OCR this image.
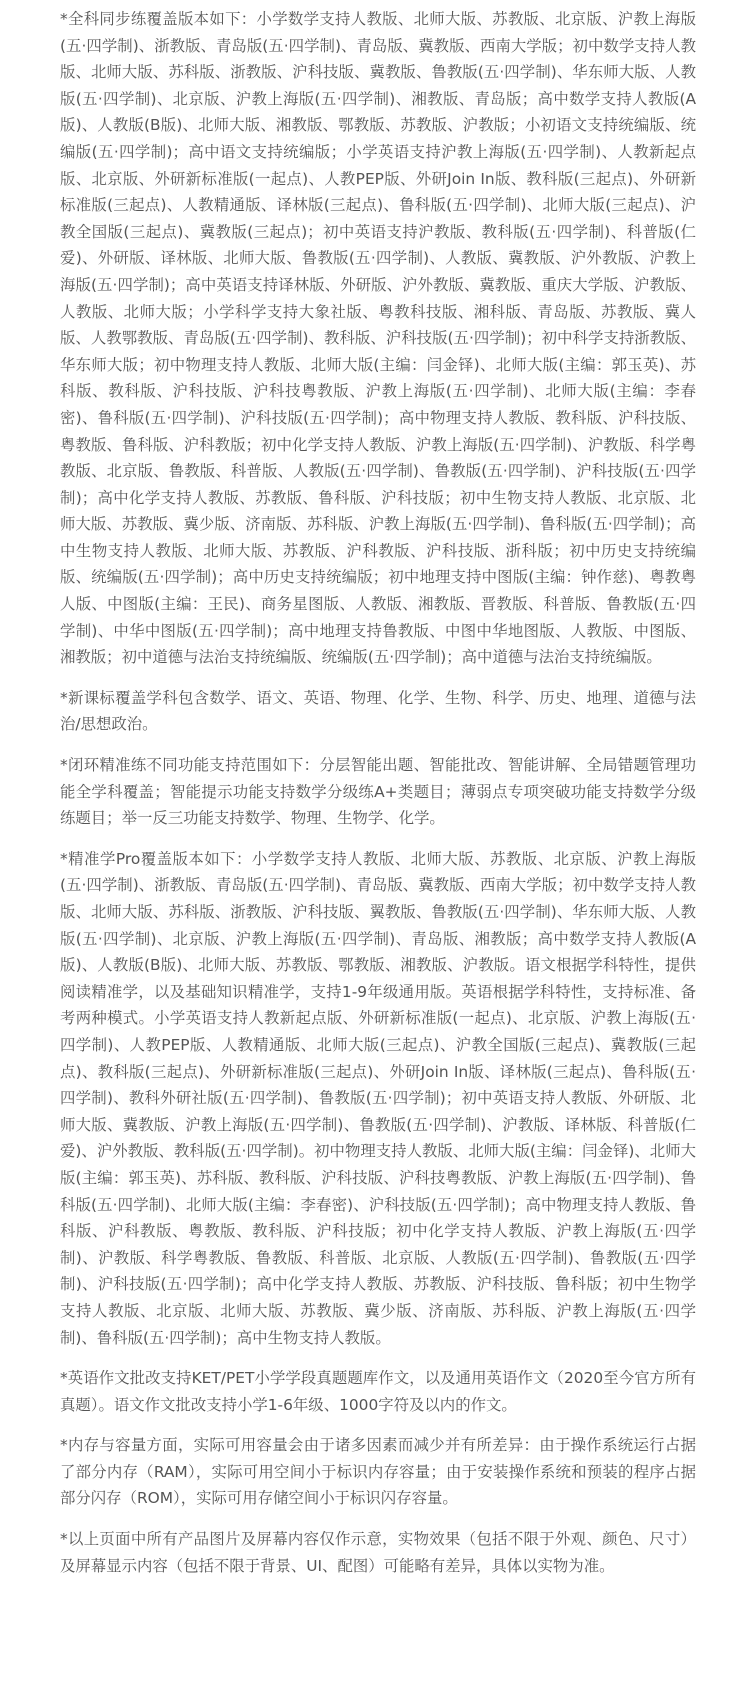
*全科同步练覆盖版本如下：小学数学支持人教版、北师大版、苏教版、北京版、沪教上海版(五·四学制)、浙教版、青岛版(五·四学制)、青岛版、冀教版、西南大学版；初中数学支持人教版、北师大版、苏科版、浙教版、沪科技版、冀教版、鲁教版(五·四学制)、华东师大版、人教版(五·四学制)、北京版、沪教上海版(五·四学制)、湘教版、青岛版；高中数学支持人教版(A版)、人教版(B版)、北师大版、湘教版、鄂教版、苏教版、沪教版；小初语文支持统编版、统编版(五·四学制)；高中语文支持统编版；小学英语支持沪教上海版(五·四学制)、人教新起点版、北京版、外研新标准版(一起点)、人教PEP版、外研Join In版、教科版(三起点)、外研新标准版(三起点)、人教精通版、译林版(三起点)、鲁科版(五·四学制)、北师大版(三起点)、沪教全国版(三起点)、冀教版(三起点)；初中英语支持沪教版、教科版(五·四学制)、科普版(仁爱)、外研版、译林版、北师大版、鲁教版(五·四学制)、人教版、冀教版、沪外教版、沪教上海版(五·四学制)；高中英语支持译林版、外研版、沪外教版、冀教版、重庆大学版、沪教版、人教版、北师大版；小学科学支持大象社版、粤教科技版、湘科版、青岛版、苏教版、冀人版、人教鄂教版、青岛版(五·四学制)、教科版、沪科技版(五·四学制)；初中科学支持浙教版、华东师大版；初中物理支持人教版、北师大版(主编：闫金铎)、北师大版(主编：郭玉英)、苏科版、教科版、沪科技版、沪科技粤教版、沪教上海版(五·四学制)、北师大版(主编：李春密)、鲁科版(五·四学制)、沪科技版(五·四学制)；高中物理支持人教版、教科版、沪科技版、粤教版、鲁科版、沪科教版；初中化学支持人教版、沪教上海版(五·四学制)、沪教版、科学粤教版、北京版、鲁教版、科普版、人教版(五·四学制)、鲁教版(五·四学制)、沪科技版(五·四学制)；高中化学支持人教版、苏教版、鲁科版、沪科技版；初中生物支持人教版、北京版、北师大版、苏教版、冀少版、济南版、苏科版、沪教上海版(五·四学制)、鲁科版(五·四学制)；高中生物支持人教版、北师大版、苏教版、沪科教版、沪科技版、浙科版；初中历史支持统编版、统编版(五·四学制)；高中历史支持统编版；初中地理支持中图版(主编：钟作慈)、粤教粤人版、中图版(主编：王民)、商务星图版、人教版、湘教版、晋教版、科普版、鲁教版(五·四学制)、中华中图版(五·四学制)；高中地理支持鲁教版、中图中华地图版、人教版、中图版、湘教版；初中道德与法治支持统编版、统编版(五·四学制)；高中道德与法治支持统编版。

*新课标覆盖学科包含数学、语文、英语、物理、化学、生物、科学、历史、地理、道德与法治/思想政治。

*闭环精准练不同功能支持范围如下：分层智能出题、智能批改、智能讲解、全局错题管理功能全学科覆盖；智能提示功能支持数学分级练A+类题目；薄弱点专项突破功能支持数学分级练题目；举一反三功能支持数学、物理、生物学、化学。

*精准学Pro覆盖版本如下：小学数学支持人教版、北师大版、苏教版、北京版、沪教上海版(五·四学制)、浙教版、青岛版(五·四学制)、青岛版、冀教版、西南大学版；初中数学支持人教版、北师大版、苏科版、浙教版、沪科技版、翼教版、鲁教版(五·四学制)、华东师大版、人教版(五·四学制)、北京版、沪教上海版(五·四学制)、青岛版、湘教版；高中数学支持人教版(A版)、人教版(B版)、北师大版、苏教版、鄂教版、湘教版、沪教版。语文根据学科特性，提供阅读精准学，以及基础知识精准学，支持1-9年级通用版。英语根据学科特性，支持标准、备考两种模式。小学英语支持人教新起点版、外研新标准版(一起点)、北京版、沪教上海版(五·四学制)、人教PEP版、人教精通版、北师大版(三起点)、沪教全国版(三起点)、冀教版(三起点)、教科版(三起点)、外研新标准版(三起点)、外研Join In版、译林版(三起点)、鲁科版(五·四学制)、教科外研社版(五·四学制)、鲁教版(五·四学制)；初中英语支持人教版、外研版、北师大版、冀教版、沪教上海版(五·四学制)、鲁教版(五·四学制)、沪教版、译林版、科普版(仁爱)、沪外教版、教科版(五·四学制)。初中物理支持人教版、北师大版(主编：闫金铎)、北师大版(主编：郭玉英)、苏科版、教科版、沪科技版、沪科技粤教版、沪教上海版(五·四学制)、鲁科版(五·四学制)、北师大版(主编：李春密)、沪科技版(五·四学制)；高中物理支持人教版、鲁科版、沪科教版、粤教版、教科版、沪科技版；初中化学支持人教版、沪教上海版(五·四学制)、沪教版、科学粤教版、鲁教版、科普版、北京版、人教版(五·四学制)、鲁教版(五·四学制)、沪科技版(五·四学制)；高中化学支持人教版、苏教版、沪科技版、鲁科版；初中生物学支持人教版、北京版、北师大版、苏教版、冀少版、济南版、苏科版、沪教上海版(五·四学制)、鲁科版(五·四学制)；高中生物支持人教版。

*英语作文批改支持KET/PET小学学段真题题库作文，以及通用英语作文（2020至今官方所有真题）。语文作文批改支持小学1-6年级、1000字符及以内的作文。

*内存与容量方面，实际可用容量会由于诸多因素而减少并有所差异：由于操作系统运行占据了部分内存（RAM），实际可用空间小于标识内存容量；由于安装操作系统和预装的程序占据部分闪存（ROM），实际可用存储空间小于标识闪存容量。

*以上页面中所有产品图片及屏幕内容仅作示意，实物效果（包括不限于外观、颜色、尺寸）及屏幕显示内容（包括不限于背景、UI、配图）可能略有差异，具体以实物为准。
